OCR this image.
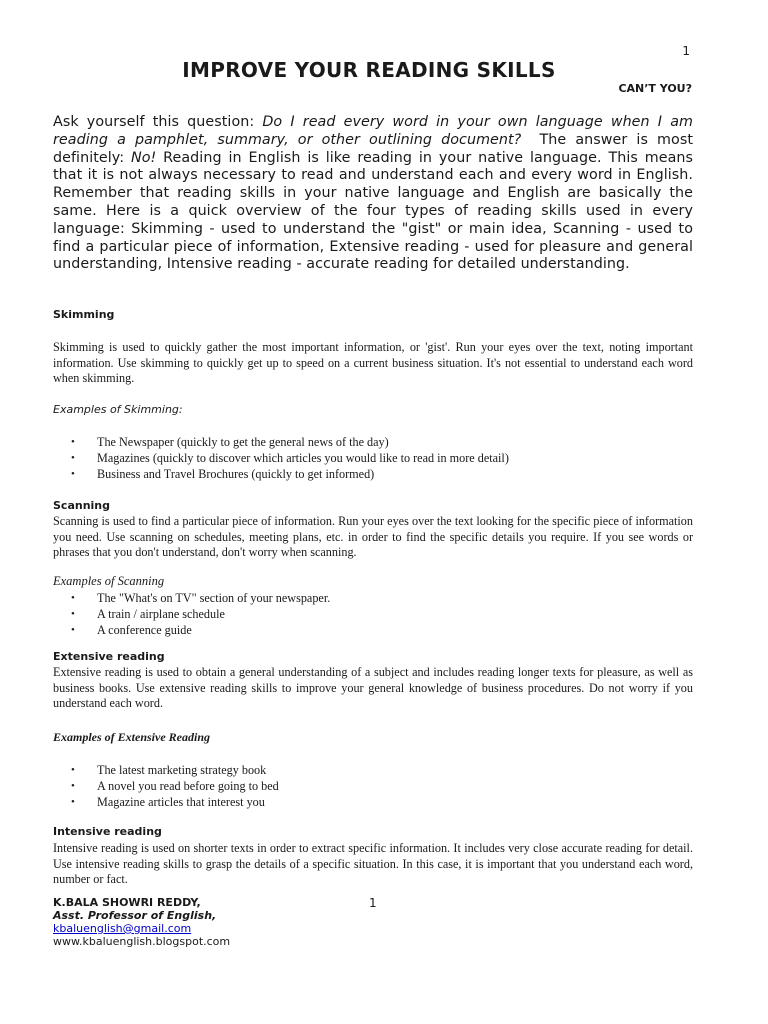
1
IMPROVE YOUR READING SKILLS
CAN’T YOU?

Ask yourself this question: Do I read every word in your own language when I am reading a pamphlet, summary, or other outlining document?  The answer is most definitely: No! Reading in English is like reading in your native language. This means that it is not always necessary to read and understand each and every word in English. Remember that reading skills in your native language and English are basically the same. Here is a quick overview of the four types of reading skills used in every language: Skimming - used to understand the "gist" or main idea, Scanning - used to find a particular piece of information, Extensive reading - used for pleasure and general understanding, Intensive reading - accurate reading for detailed understanding.

Skimming
Skimming is used to quickly gather the most important information, or 'gist'. Run your eyes over the text, noting important information. Use skimming to quickly get up to speed on a current business situation. It's not essential to understand each word when skimming.
Examples of Skimming:
• The Newspaper (quickly to get the general news of the day)
• Magazines (quickly to discover which articles you would like to read in more detail)
• Business and Travel Brochures (quickly to get informed)
Scanning
Scanning is used to find a particular piece of information. Run your eyes over the text looking for the specific piece of information you need. Use scanning on schedules, meeting plans, etc. in order to find the specific details you require. If you see words or phrases that you don't understand, don't worry when scanning.
Examples of Scanning
• The "What's on TV" section of your newspaper.
• A train / airplane schedule
• A conference guide
Extensive reading
Extensive reading is used to obtain a general understanding of a subject and includes reading longer texts for pleasure, as well as business books. Use extensive reading skills to improve your general knowledge of business procedures. Do not worry if you understand each word.
Examples of Extensive Reading
• The latest marketing strategy book
• A novel you read before going to bed
• Magazine articles that interest you
Intensive reading
Intensive reading is used on shorter texts in order to extract specific information. It includes very close accurate reading for detail. Use intensive reading skills to grasp the details of a specific situation. In this case, it is important that you understand each word, number or fact.
K.BALA SHOWRI REDDY,	1
Asst. Professor of English,
kbaluenglish@gmail.com
www.kbaluenglish.blogspot.com
